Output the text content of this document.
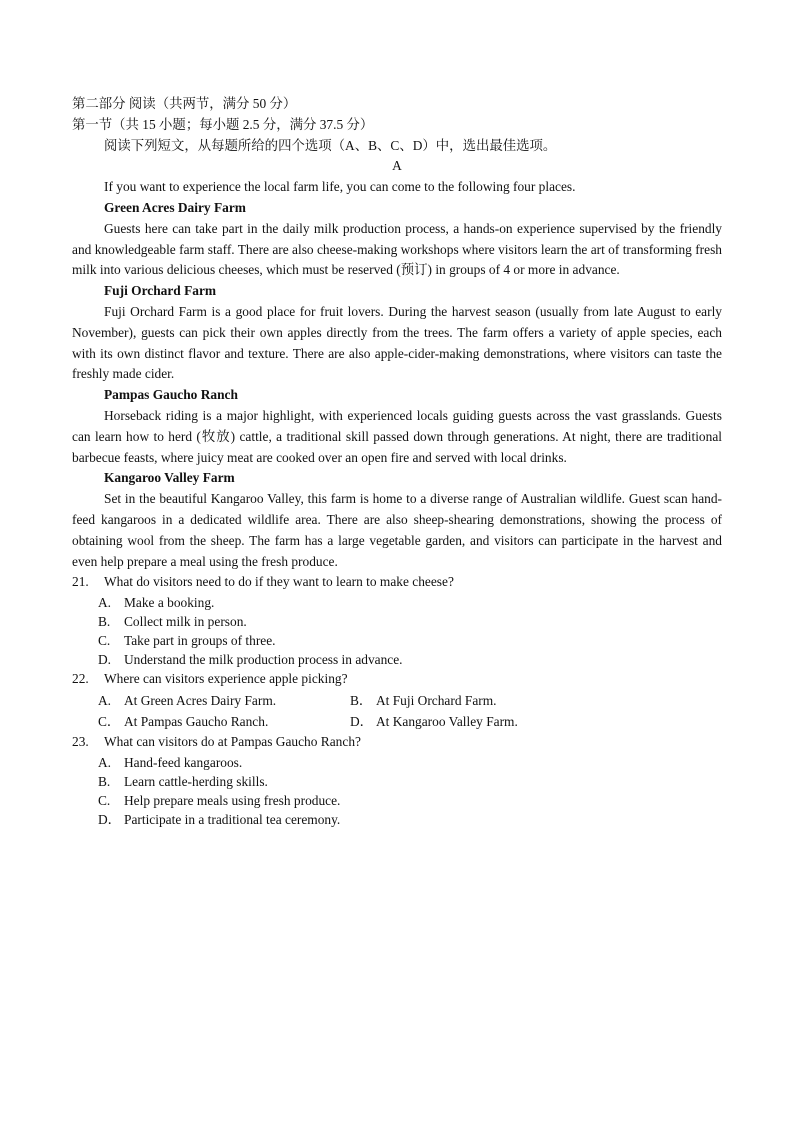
第二部分 阅读（共两节，满分 50 分）
第一节（共 15 小题；每小题 2.5 分，满分 37.5 分）
阅读下列短文，从每题所给的四个选项（A、B、C、D）中，选出最佳选项。
A
If you want to experience the local farm life, you can come to the following four places.
Green Acres Dairy Farm
Guests here can take part in the daily milk production process, a hands-on experience supervised by the friendly and knowledgeable farm staff. There are also cheese-making workshops where visitors learn the art of transforming fresh milk into various delicious cheeses, which must be reserved (预订) in groups of 4 or more in advance.
Fuji Orchard Farm
Fuji Orchard Farm is a good place for fruit lovers. During the harvest season (usually from late August to early November), guests can pick their own apples directly from the trees. The farm offers a variety of apple species, each with its own distinct flavor and texture. There are also apple-cider-making demonstrations, where visitors can taste the freshly made cider.
Pampas Gaucho Ranch
Horseback riding is a major highlight, with experienced locals guiding guests across the vast grasslands. Guests can learn how to herd (牧放) cattle, a traditional skill passed down through generations. At night, there are traditional barbecue feasts, where juicy meat are cooked over an open fire and served with local drinks.
Kangaroo Valley Farm
Set in the beautiful Kangaroo Valley, this farm is home to a diverse range of Australian wildlife. Guest scan hand-feed kangaroos in a dedicated wildlife area. There are also sheep-shearing demonstrations, showing the process of obtaining wool from the sheep. The farm has a large vegetable garden, and visitors can participate in the harvest and even help prepare a meal using the fresh produce.
21. What do visitors need to do if they want to learn to make cheese?
A. Make a booking.
B. Collect milk in person.
C. Take part in groups of three.
D. Understand the milk production process in advance.
22. Where can visitors experience apple picking?
A. At Green Acres Dairy Farm.	B． At Fuji Orchard Farm.
C． At Pampas Gaucho Ranch.	D． At Kangaroo Valley Farm.
23. What can visitors do at Pampas Gaucho Ranch?
A. Hand-feed kangaroos.
B. Learn cattle-herding skills.
C. Help prepare meals using fresh produce.
D． Participate in a traditional tea ceremony.
